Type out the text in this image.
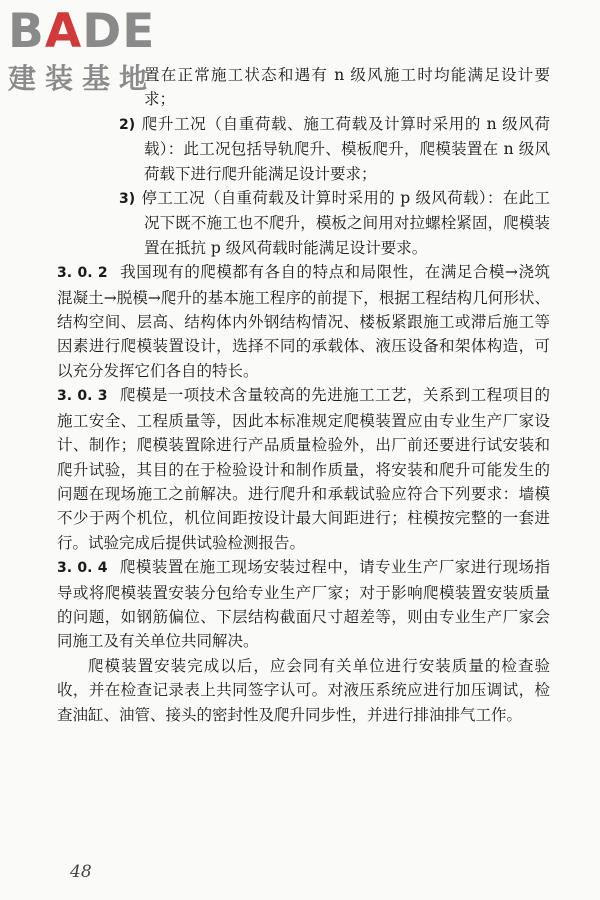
BADE
建装基地

置在正常施工状态和遇有 n 级风施工时均能满足设计要求；

2) 爬升工况（自重荷载、施工荷载及计算时采用的 n 级风荷载）：此工况包括导轨爬升、模板爬升，爬模装置在 n 级风荷载下进行爬升能满足设计要求；

3) 停工工况（自重荷载及计算时采用的 p 级风荷载）：在此工况下既不施工也不爬升，模板之间用对拉螺栓紧固，爬模装置在抵抗 p 级风荷载时能满足设计要求。

3. 0. 2 我国现有的爬模都有各自的特点和局限性，在满足合模→浇筑混凝土→脱模→爬升的基本施工程序的前提下，根据工程结构几何形状、结构空间、层高、结构体内外钢结构情况、楼板紧跟施工或滞后施工等因素进行爬模装置设计，选择不同的承载体、液压设备和架体构造，可以充分发挥它们各自的特长。

3. 0. 3 爬模是一项技术含量较高的先进施工工艺，关系到工程项目的施工安全、工程质量等，因此本标准规定爬模装置应由专业生产厂家设计、制作；爬模装置除进行产品质量检验外，出厂前还要进行试安装和爬升试验，其目的在于检验设计和制作质量，将安装和爬升可能发生的问题在现场施工之前解决。进行爬升和承载试验应符合下列要求：墙模不少于两个机位，机位间距按设计最大间距进行；柱模按完整的一套进行。试验完成后提供试验检测报告。

3. 0. 4 爬模装置在施工现场安装过程中，请专业生产厂家进行现场指导或将爬模装置安装分包给专业生产厂家；对于影响爬模装置安装质量的问题，如钢筋偏位、下层结构截面尺寸超差等，则由专业生产厂家会同施工及有关单位共同解决。

爬模装置安装完成以后，应会同有关单位进行安装质量的检查验收，并在检查记录表上共同签字认可。对液压系统应进行加压调试，检查油缸、油管、接头的密封性及爬升同步性，并进行排油排气工作。

48
